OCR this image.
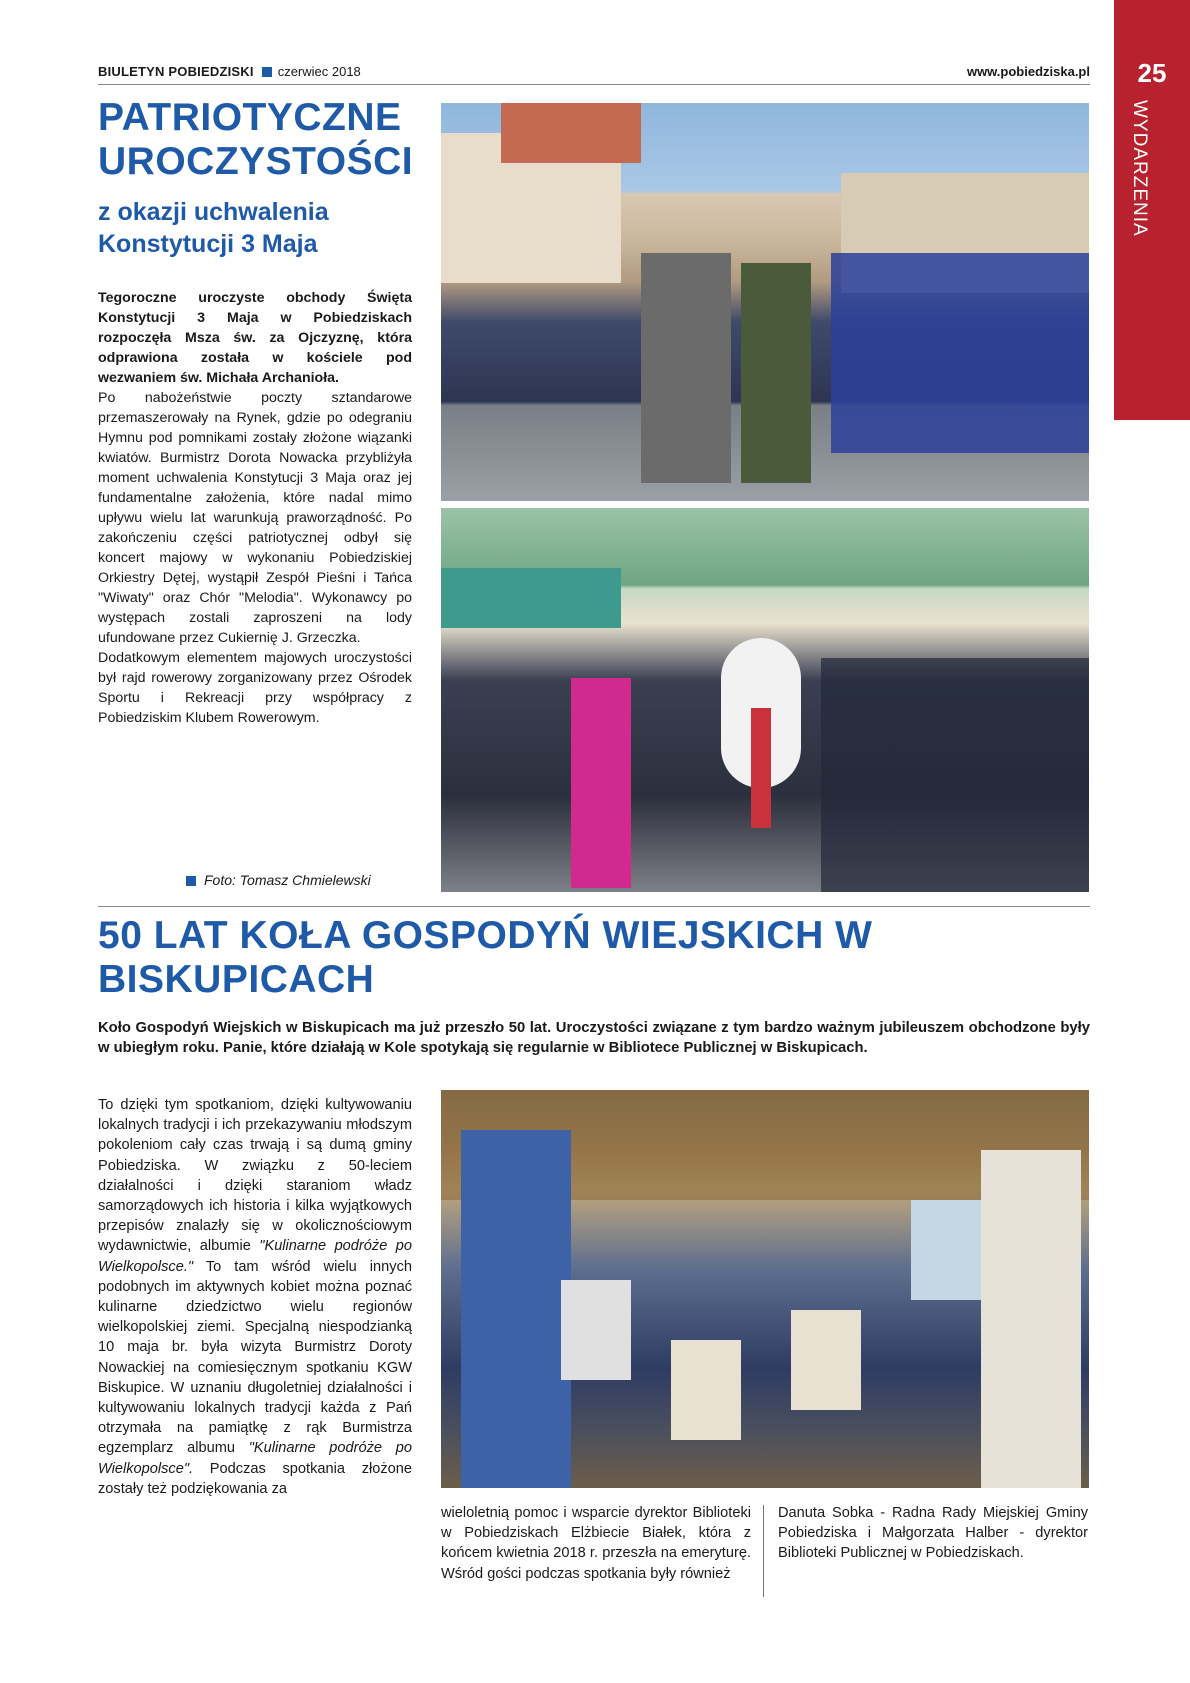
BIULETYN POBIEDZISKI czerwiec 2018	www.pobiedziska.pl	25
WYDARZENIA
PATRIOTYCZNE UROCZYSTOŚCI
z okazji uchwalenia Konstytucji 3 Maja

Tegoroczne uroczyste obchody Święta Konstytucji 3 Maja w Pobiedziskach rozpoczęła Msza św. za Ojczyznę, która odprawiona została w kościele pod wezwaniem św. Michała Archanioła.

Po nabożeństwie poczty sztandarowe przemaszerowały na Rynek, gdzie po odegraniu Hymnu pod pomnikami zostały złożone wiązanki kwiatów. Burmistrz Dorota Nowacka przybliżyła moment uchwalenia Konstytucji 3 Maja oraz jej fundamentalne założenia, które nadal mimo upływu wielu lat warunkują praworządność. Po zakończeniu części patriotycznej odbył się koncert majowy w wykonaniu Pobiedziskiej Orkiestry Dętej, wystąpił Zespół Pieśni i Tańca "Wiwaty" oraz Chór "Melodia". Wykonawcy po występach zostali zaproszeni na lody ufundowane przez Cukiernię J. Grzeczka.

Dodatkowym elementem majowych uroczystości był rajd rowerowy zorganizowany przez Ośrodek Sportu i Rekreacji przy współpracy z Pobiedziskim Klubem Rowerowym.

Foto: Tomasz Chmielewski
50 LAT KOŁA GOSPODYŃ WIEJSKICH W BISKUPICACH
Koło Gospodyń Wiejskich w Biskupicach ma już przeszło 50 lat. Uroczystości związane z tym bardzo ważnym jubileuszem obchodzone były w ubiegłym roku. Panie, które działają w Kole spotykają się regularnie w Bibliotece Publicznej w Biskupicach.

To dzięki tym spotkaniom, dzięki kultywowaniu lokalnych tradycji i ich przekazywaniu młodszym pokoleniom cały czas trwają i są dumą gminy Pobiedziska. W związku z 50-leciem działalności i dzięki staraniom władz samorządowych ich historia i kilka wyjątkowych przepisów znalazły się w okolicznościowym wydawnictwie, albumie "Kulinarne podróże po Wielkopolsce." To tam wśród wielu innych podobnych im aktywnych kobiet można poznać kulinarne dziedzictwo wielu regionów wielkopolskiej ziemi. Specjalną niespodzianką 10 maja br. była wizyta Burmistrz Doroty Nowackiej na comiesięcznym spotkaniu KGW Biskupice. W uznaniu długoletniej działalności i kultywowaniu lokalnych tradycji każda z Pań otrzymała na pamiątkę z rąk Burmistrza egzemplarz albumu "Kulinarne podróże po Wielkopolsce". Podczas spotkania złożone zostały też podziękowania za

wieloletnią pomoc i wsparcie dyrektor Biblioteki w Pobiedziskach Elżbiecie Białek, która z końcem kwietnia 2018 r. przeszła na emeryturę. Wśród gości podczas spotkania były również

Danuta Sobka - Radna Rady Miejskiej Gminy Pobiedziska i Małgorzata Halber - dyrektor Biblioteki Publicznej w Pobiedziskach.
